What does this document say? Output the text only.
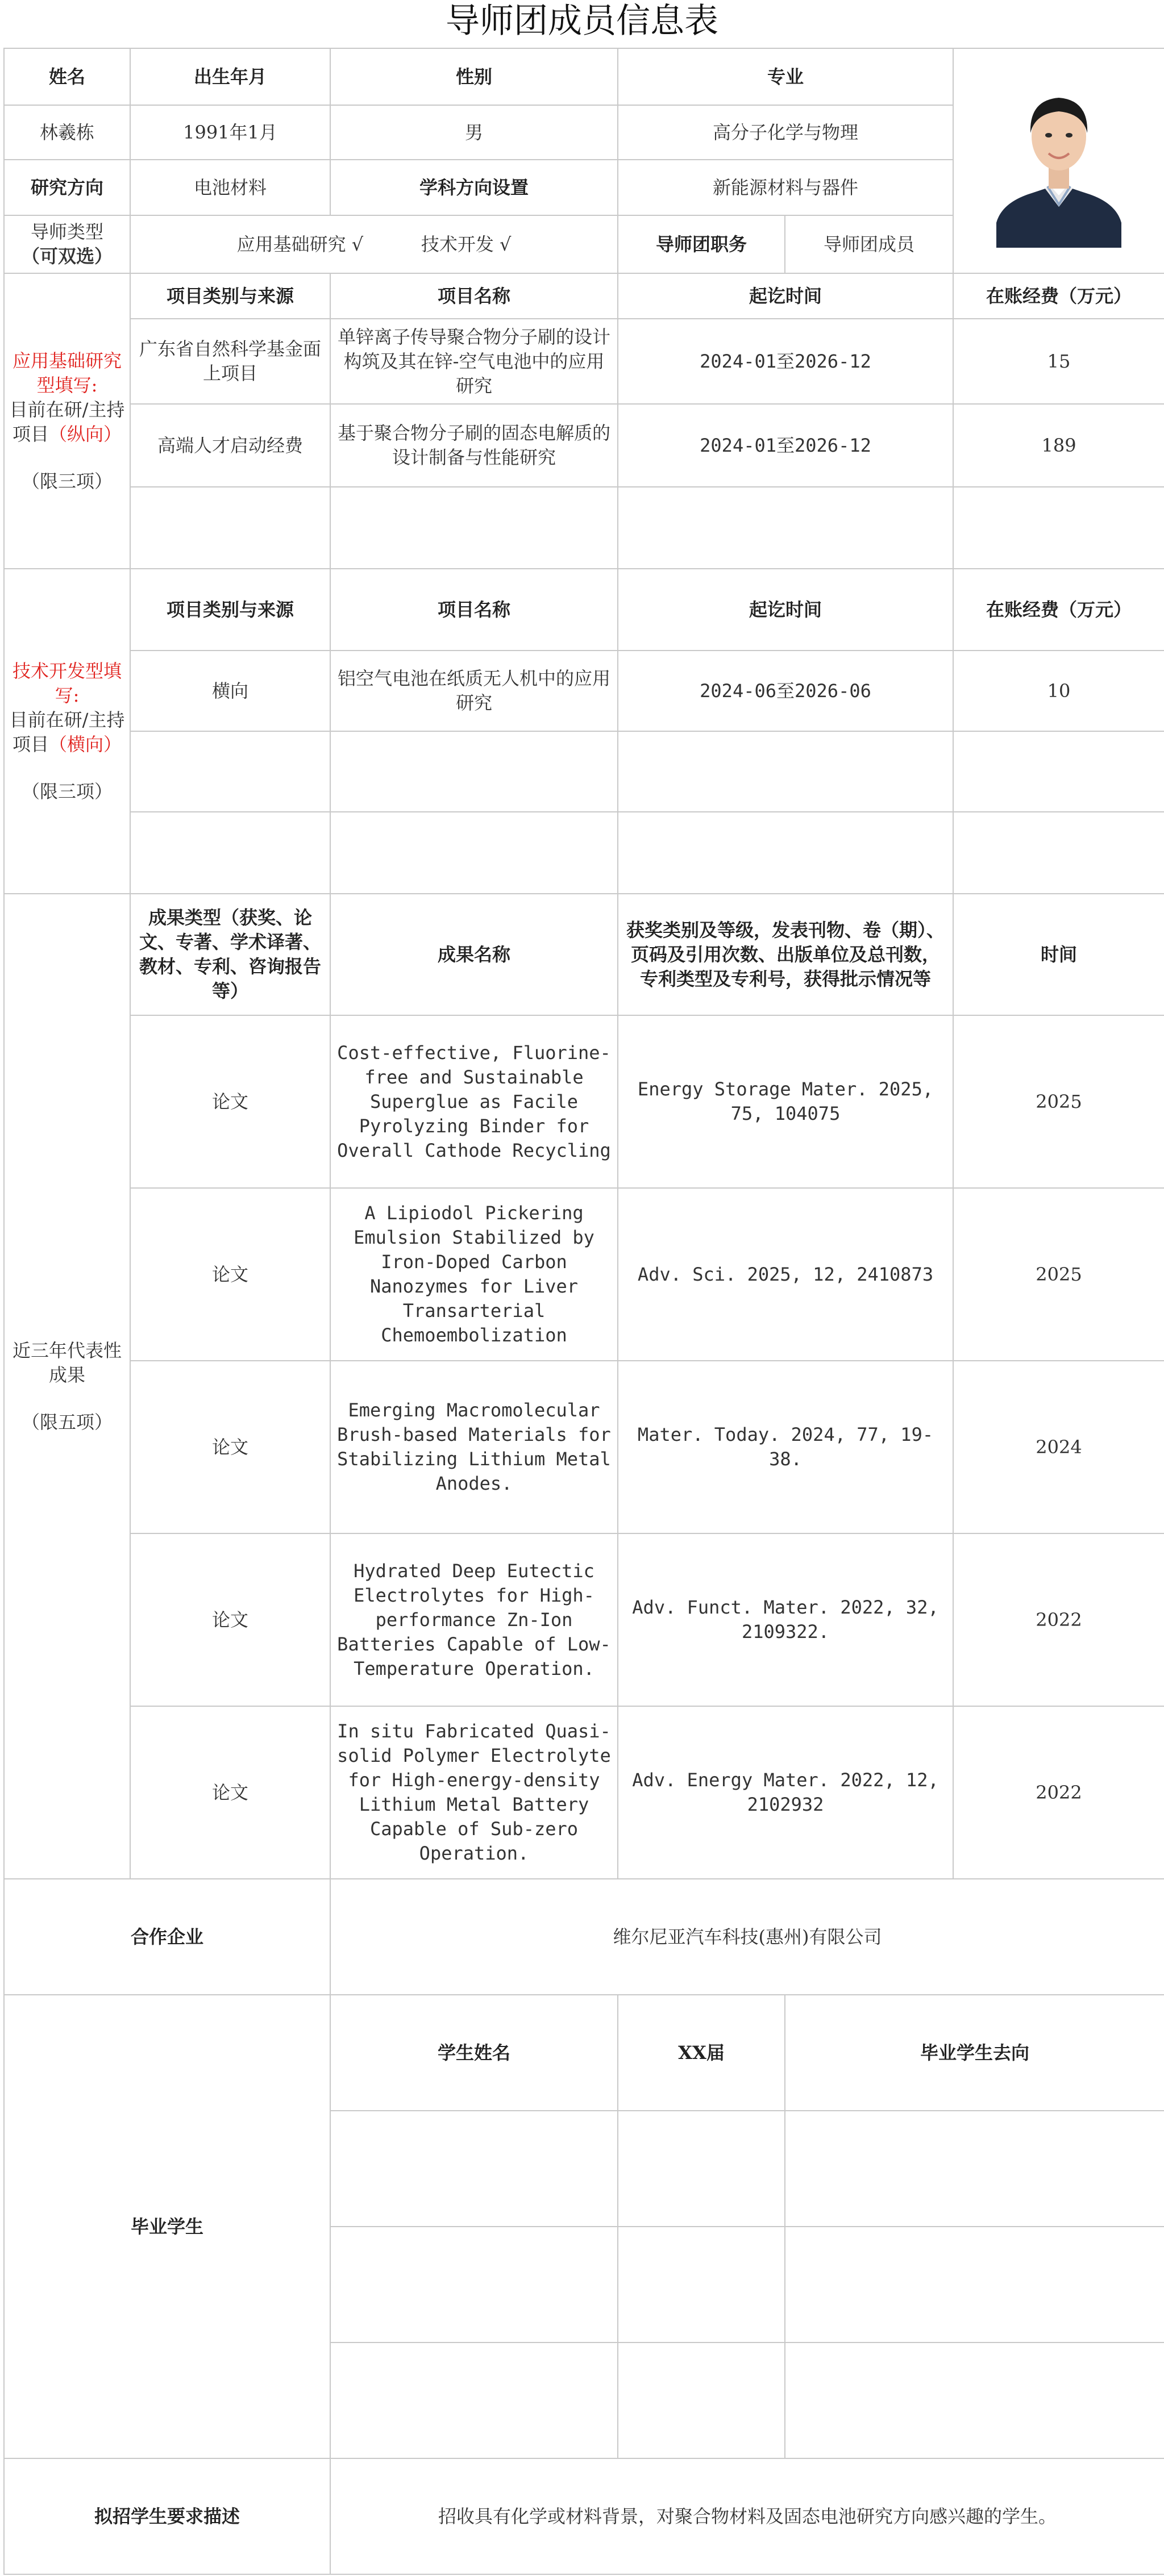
导师团成员信息表
姓名	出生年月	性别	专业	

林羲栋	1991年1月	男	高分子化学与物理		
研究方向	电池材料	学科方向设置	新能源材料与器件		
导师类型
（可双选）	应用基础研究 √          技术开发 √		导师团职务	导师团成员	
应用基础研究型填写:
目前在研/主持项目（纵向）
（限三项）	项目类别与来源	项目名称	起讫时间		在账经费（万元）
	广东省自然科学基金面上项目	单锌离子传导聚合物分子刷的设计构筑及其在锌-空气电池中的应用研究	2024-01至2026-12		15
	高端人才启动经费	基于聚合物分子刷的固态电解质的设计制备与性能研究	2024-01至2026-12		189

技术开发型填写:
目前在研/主持项目（横向）
（限三项）	项目类别与来源	项目名称	起讫时间		在账经费（万元）
	横向	铝空气电池在纸质无人机中的应用研究	2024-06至2026-06		10

近三年代表性成果
（限五项）	成果类型（获奖、论文、专著、学术译著、教材、专利、咨询报告等）	成果名称	获奖类别及等级，发表刊物、卷（期）、页码及引用次数、出版单位及总刊数，专利类型及专利号，获得批示情况等		时间
	论文	Cost-effective, Fluorine-free and Sustainable Superglue as Facile Pyrolyzing Binder for Overall Cathode Recycling	Energy Storage Mater. 2025, 75, 104075		2025
	论文	A Lipiodol Pickering Emulsion Stabilized by Iron-Doped Carbon Nanozymes for Liver Transarterial Chemoembolization	Adv. Sci. 2025, 12, 2410873		2025
	论文	Emerging Macromolecular Brush-based Materials for Stabilizing Lithium Metal Anodes.	Mater. Today. 2024, 77, 19-38.		2024
	论文	Hydrated Deep Eutectic Electrolytes for High-performance Zn-Ion Batteries Capable of Low-Temperature Operation.	Adv. Funct. Mater. 2022, 32, 2109322.		2022
	论文	In situ Fabricated Quasi-solid Polymer Electrolyte for High-energy-density Lithium Metal Battery Capable of Sub-zero Operation.	Adv. Energy Mater. 2022, 12, 2102932		2022
合作企业		维尔尼亚汽车科技(惠州)有限公司			
毕业学生		学生姓名	XX届	毕业学生去向	

拟招学生要求描述		招收具有化学或材料背景，对聚合物材料及固态电池研究方向感兴趣的学生。			
